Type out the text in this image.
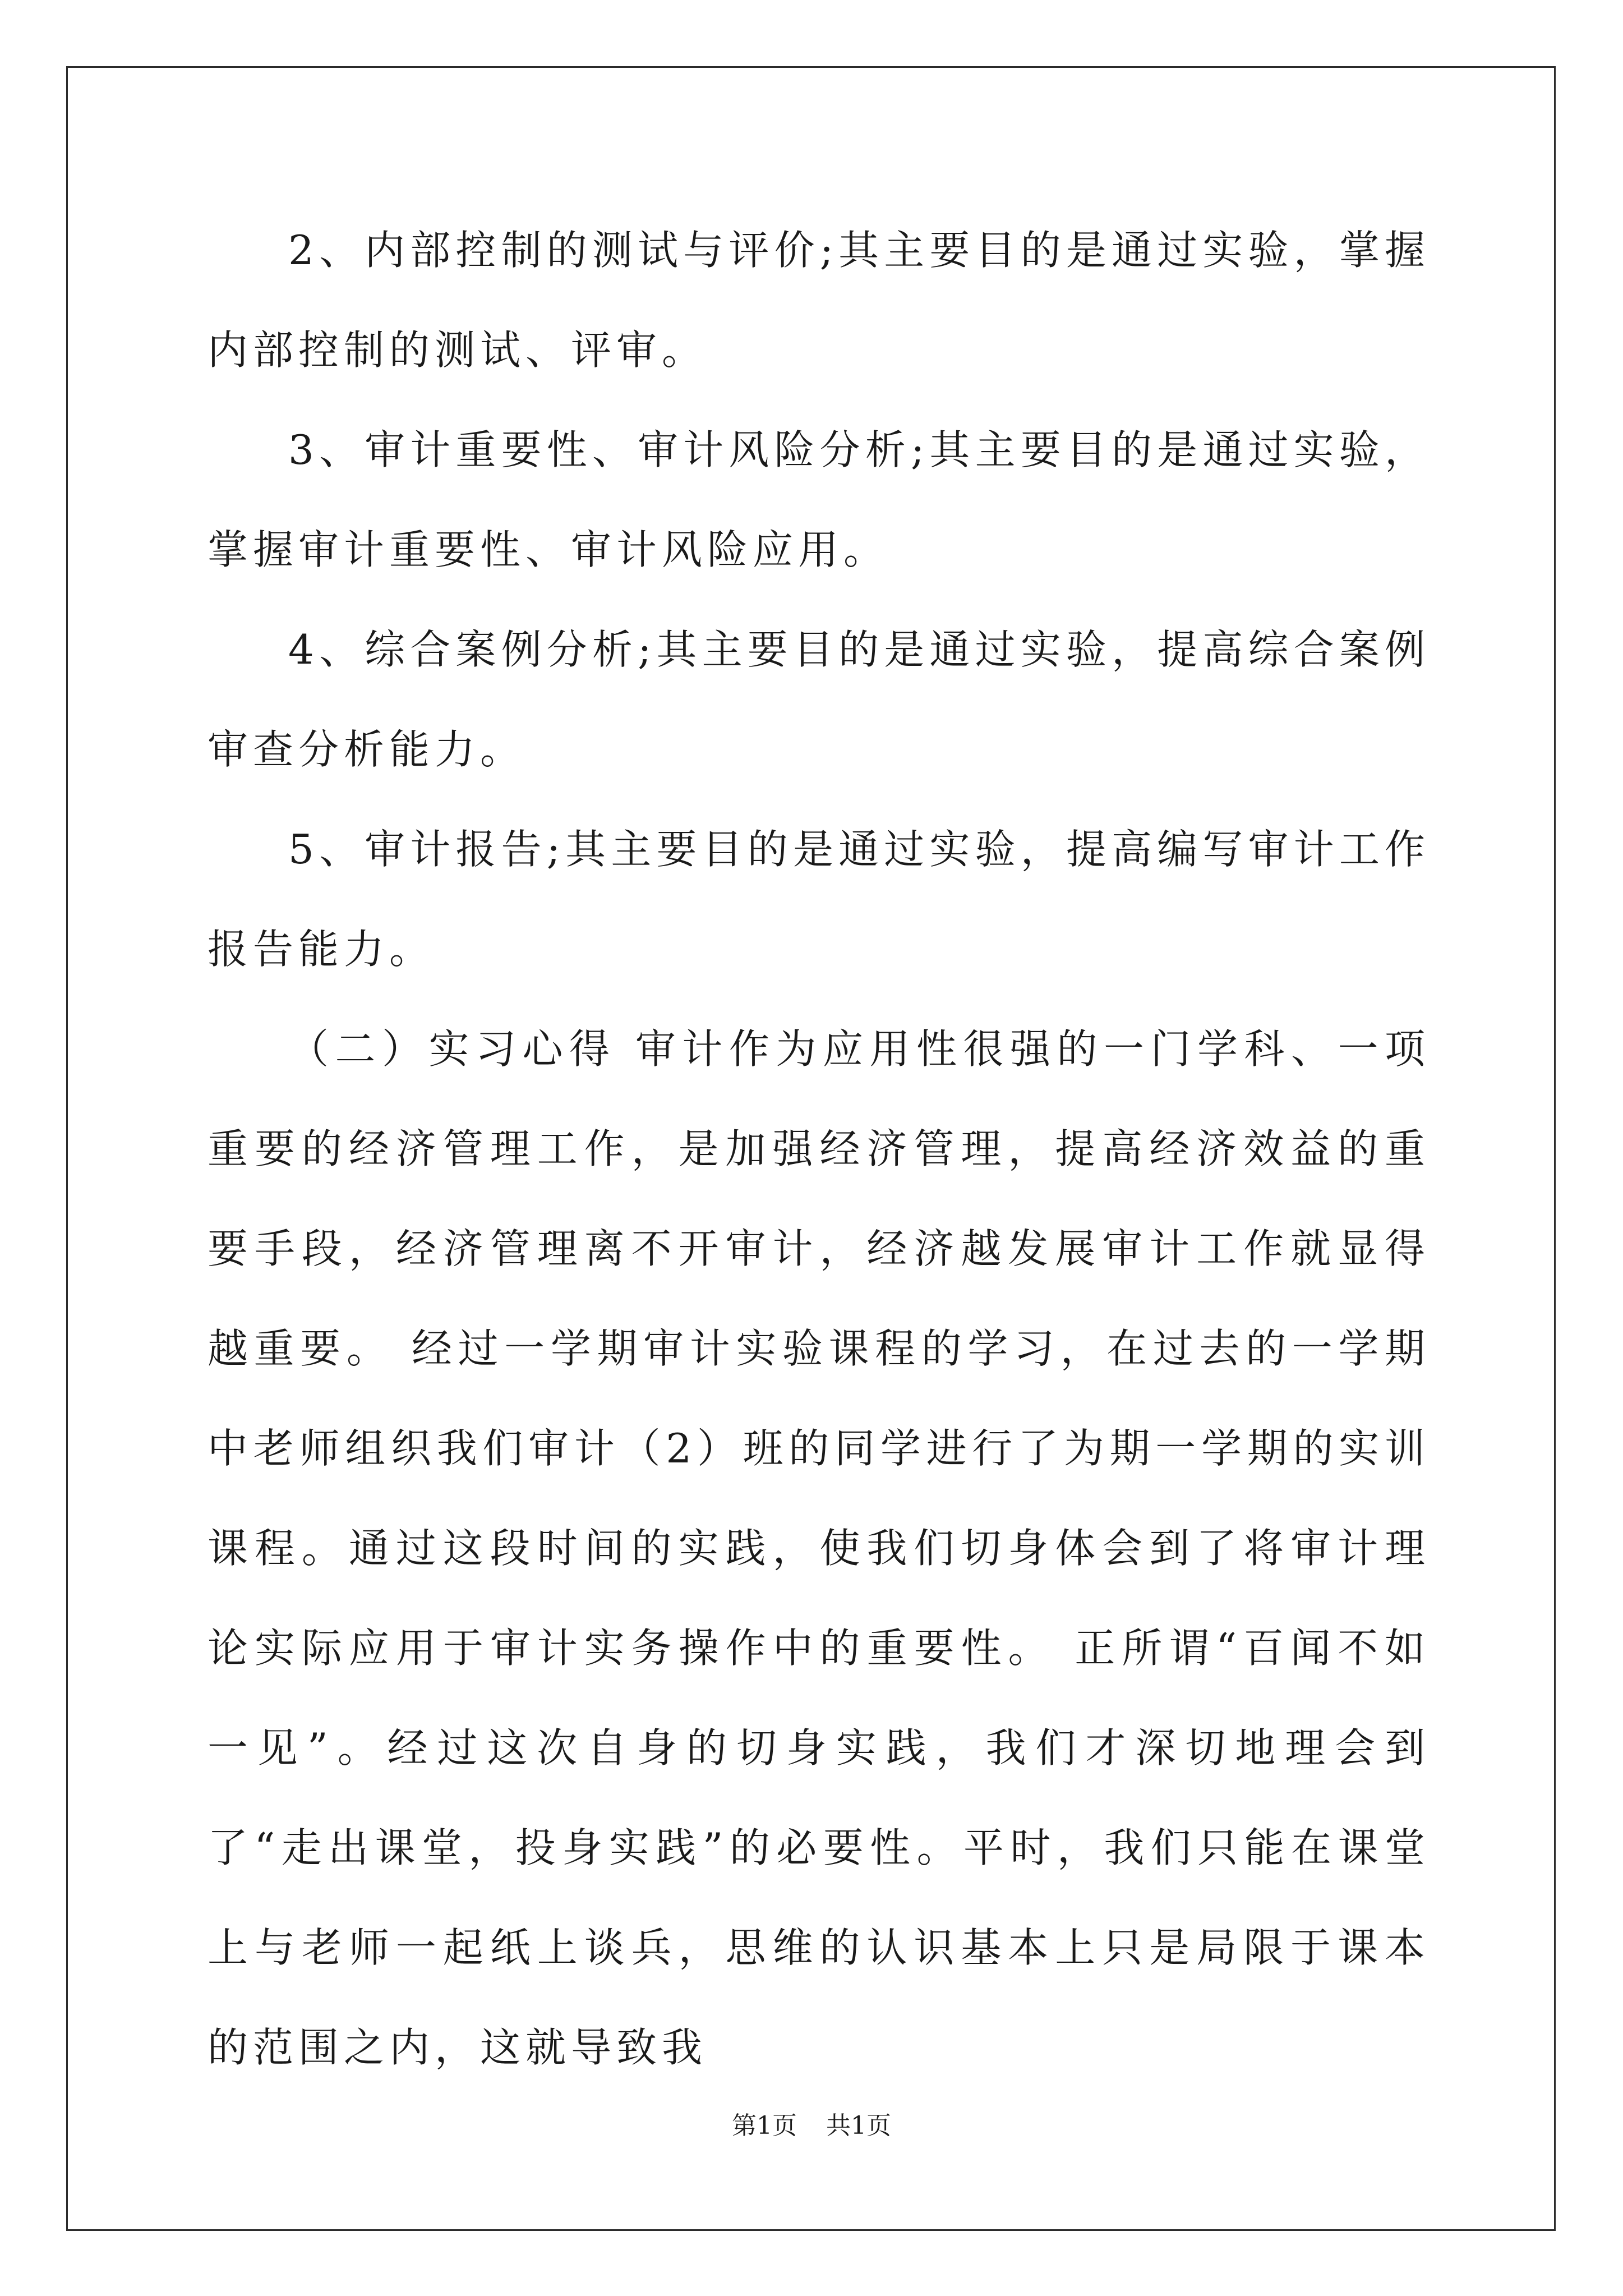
2、内部控制的测试与评价;其主要目的是通过实验，掌握内部控制的测试、评审。

3、审计重要性、审计风险分析;其主要目的是通过实验，掌握审计重要性、审计风险应用。

4、综合案例分析;其主要目的是通过实验，提高综合案例审查分析能力。

5、审计报告;其主要目的是通过实验，提高编写审计工作报告能力。

（二）实习心得 审计作为应用性很强的一门学科、一项重要的经济管理工作，是加强经济管理，提高经济效益的重要手段，经济管理离不开审计，经济越发展审计工作就显得越重要。 经过一学期审计实验课程的学习，在过去的一学期中老师组织我们审计（2）班的同学进行了为期一学期的实训课程。通过这段时间的实践，使我们切身体会到了将审计理论实际应用于审计实务操作中的重要性。 正所谓“百闻不如一见”。经过这次自身的切身实践，我们才深切地理会到了“走出课堂，投身实践”的必要性。平时，我们只能在课堂上与老师一起纸上谈兵，思维的认识基本上只是局限于课本的范围之内，这就导致我

第1页 共1页
